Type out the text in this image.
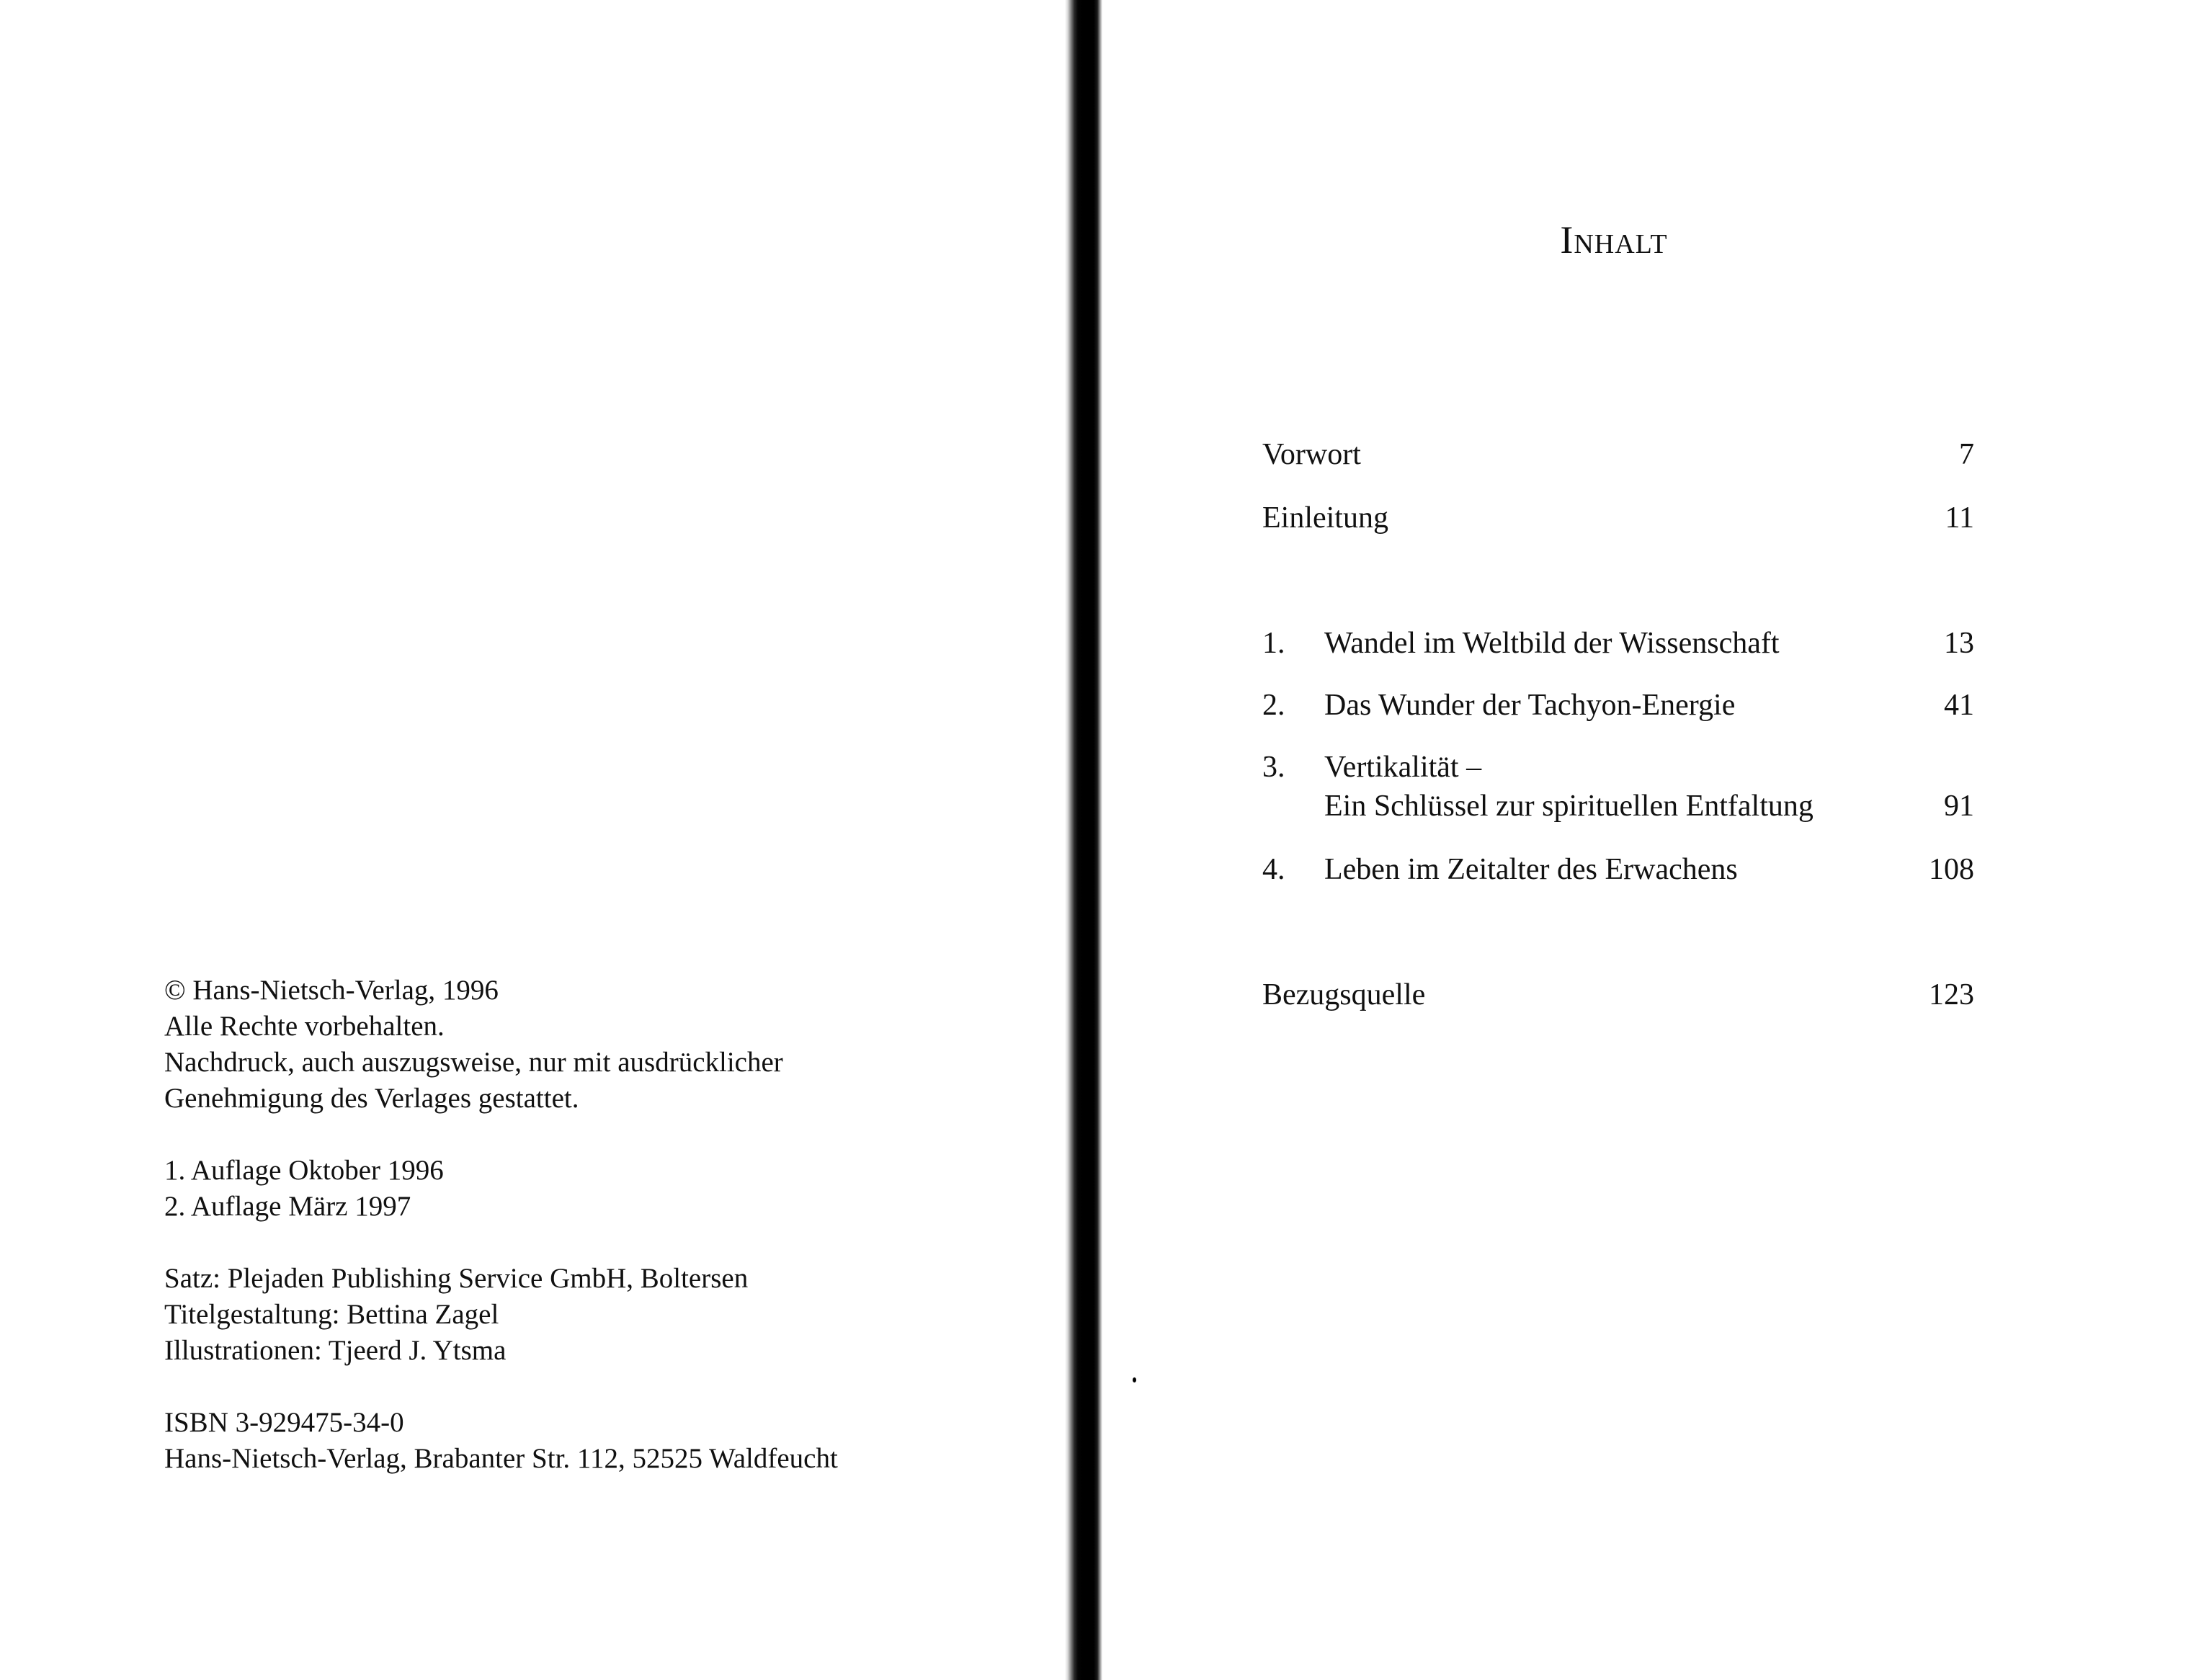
© Hans-Nietsch-Verlag, 1996
Alle Rechte vorbehalten.
Nachdruck, auch auszugsweise, nur mit ausdrücklicher
Genehmigung des Verlages gestattet.
1. Auflage Oktober 1996
2. Auflage März 1997
Satz: Plejaden Publishing Service GmbH, Boltersen
Titelgestaltung: Bettina Zagel
Illustrationen: Tjeerd J. Ytsma
ISBN 3-929475-34-0
Hans-Nietsch-Verlag, Brabanter Str. 112, 52525 Waldfeucht
Inhalt
Vorwort	7
Einleitung	11
1. Wandel im Weltbild der Wissenschaft	13
2. Das Wunder der Tachyon-Energie	41
3. Vertikalität –
Ein Schlüssel zur spirituellen Entfaltung	91
4. Leben im Zeitalter des Erwachens	108
Bezugsquelle	123
